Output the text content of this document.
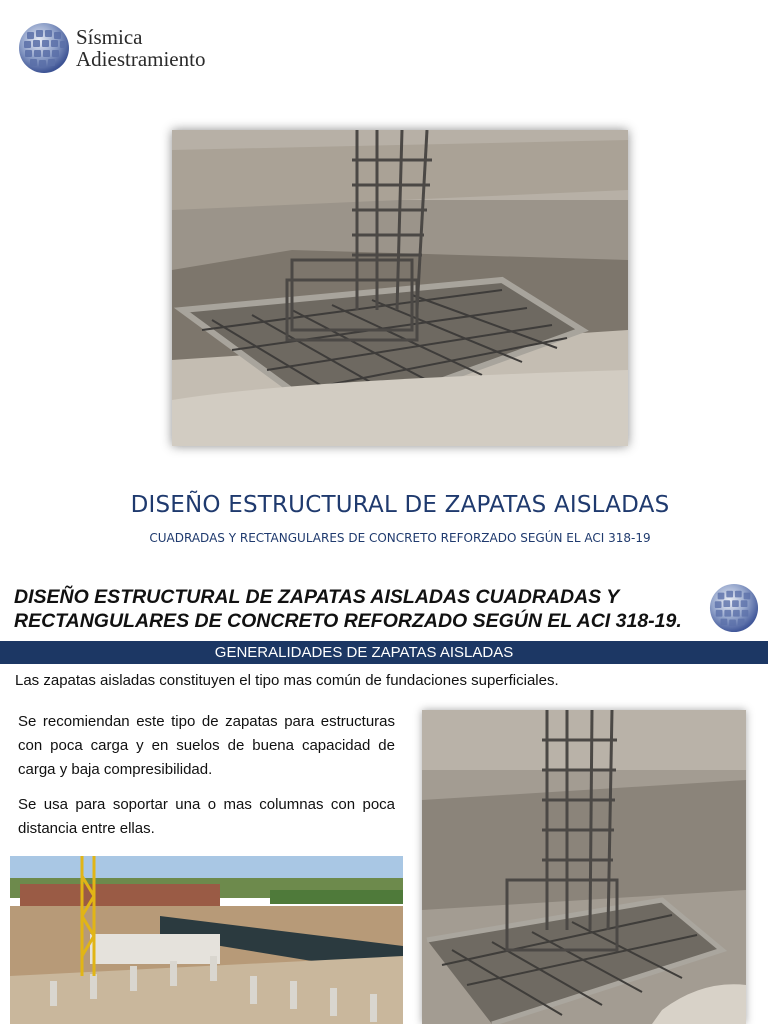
Sísmica
Adiestramiento
DISEÑO ESTRUCTURAL DE ZAPATAS AISLADAS
CUADRADAS Y RECTANGULARES DE CONCRETO REFORZADO SEGÚN EL ACI 318-19
DISEÑO ESTRUCTURAL DE ZAPATAS AISLADAS CUADRADAS Y RECTANGULARES DE CONCRETO REFORZADO SEGÚN EL ACI 318-19.
GENERALIDADES DE ZAPATAS AISLADAS
Las zapatas aisladas constituyen el tipo mas común de fundaciones superficiales.
Se recomiendan este tipo de zapatas para estructuras con poca carga y en suelos de buena capacidad de carga y baja compresibilidad.
Se usa para soportar una o mas columnas con poca distancia entre ellas.
